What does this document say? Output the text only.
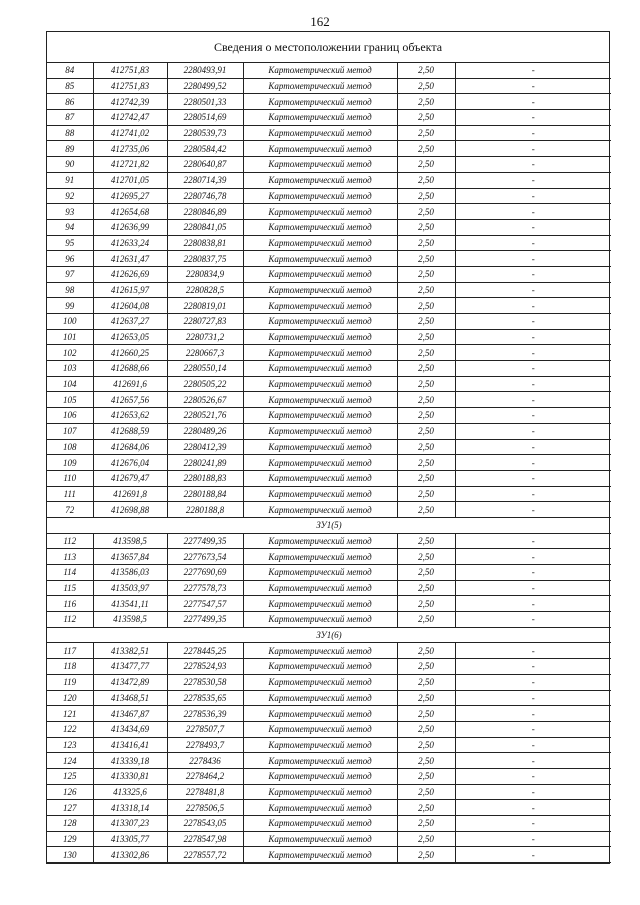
162
Сведения о местоположении границ объекта
84	412751,83	2280493,91	Картометрический метод	2,50	-
85	412751,83	2280499,52	Картометрический метод	2,50	-
86	412742,39	2280501,33	Картометрический метод	2,50	-
87	412742,47	2280514,69	Картометрический метод	2,50	-
88	412741,02	2280539,73	Картометрический метод	2,50	-
89	412735,06	2280584,42	Картометрический метод	2,50	-
90	412721,82	2280640,87	Картометрический метод	2,50	-
91	412701,05	2280714,39	Картометрический метод	2,50	-
92	412695,27	2280746,78	Картометрический метод	2,50	-
93	412654,68	2280846,89	Картометрический метод	2,50	-
94	412636,99	2280841,05	Картометрический метод	2,50	-
95	412633,24	2280838,81	Картометрический метод	2,50	-
96	412631,47	2280837,75	Картометрический метод	2,50	-
97	412626,69	2280834,9	Картометрический метод	2,50	-
98	412615,97	2280828,5	Картометрический метод	2,50	-
99	412604,08	2280819,01	Картометрический метод	2,50	-
100	412637,27	2280727,83	Картометрический метод	2,50	-
101	412653,05	2280731,2	Картометрический метод	2,50	-
102	412660,25	2280667,3	Картометрический метод	2,50	-
103	412688,66	2280550,14	Картометрический метод	2,50	-
104	412691,6	2280505,22	Картометрический метод	2,50	-
105	412657,56	2280526,67	Картометрический метод	2,50	-
106	412653,62	2280521,76	Картометрический метод	2,50	-
107	412688,59	2280489,26	Картометрический метод	2,50	-
108	412684,06	2280412,39	Картометрический метод	2,50	-
109	412676,04	2280241,89	Картометрический метод	2,50	-
110	412679,47	2280188,83	Картометрический метод	2,50	-
111	412691,8	2280188,84	Картометрический метод	2,50	-
72	412698,88	2280188,8	Картометрический метод	2,50	-
ЗУ1(5)					
112	413598,5	2277499,35	Картометрический метод	2,50	-
113	413657,84	2277673,54	Картометрический метод	2,50	-
114	413586,03	2277690,69	Картометрический метод	2,50	-
115	413503,97	2277578,73	Картометрический метод	2,50	-
116	413541,11	2277547,57	Картометрический метод	2,50	-
112	413598,5	2277499,35	Картометрический метод	2,50	-
ЗУ1(6)					
117	413382,51	2278445,25	Картометрический метод	2,50	-
118	413477,77	2278524,93	Картометрический метод	2,50	-
119	413472,89	2278530,58	Картометрический метод	2,50	-
120	413468,51	2278535,65	Картометрический метод	2,50	-
121	413467,87	2278536,39	Картометрический метод	2,50	-
122	413434,69	2278507,7	Картометрический метод	2,50	-
123	413416,41	2278493,7	Картометрический метод	2,50	-
124	413339,18	2278436	Картометрический метод	2,50	-
125	413330,81	2278464,2	Картометрический метод	2,50	-
126	413325,6	2278481,8	Картометрический метод	2,50	-
127	413318,14	2278506,5	Картометрический метод	2,50	-
128	413307,23	2278543,05	Картометрический метод	2,50	-
129	413305,77	2278547,98	Картометрический метод	2,50	-
130	413302,86	2278557,72	Картометрический метод	2,50	-
